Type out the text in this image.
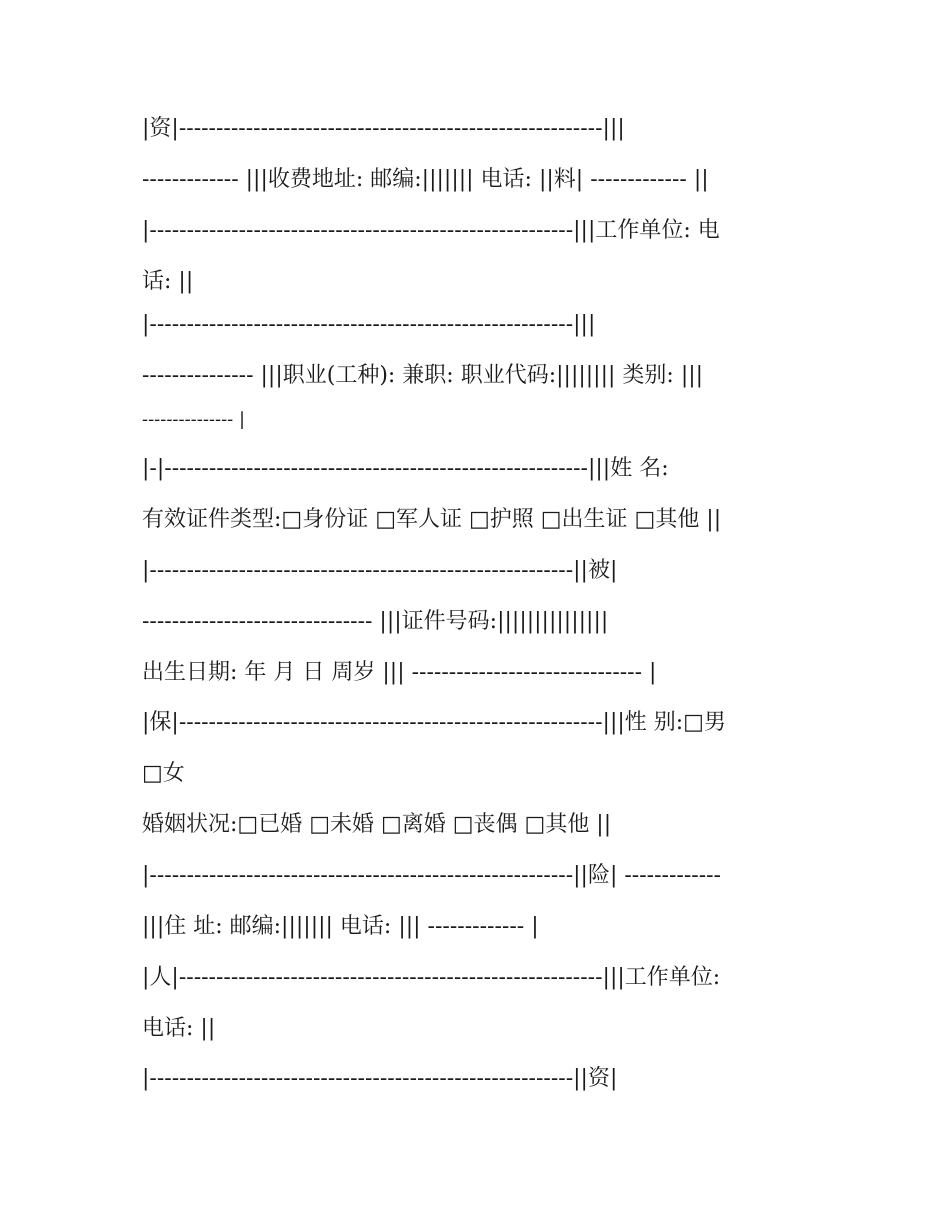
|资|---------------------------------------------------------|||
------------- |||收费地址: 邮编:||||||| 电话: ||料| ------------- ||
|---------------------------------------------------------|||工作单位: 电
话: ||
|---------------------------------------------------------|||
--------------- |||职业(工种): 兼职: 职业代码:|||||||| 类别: |||
--------------- |
|-|---------------------------------------------------------|||姓 名:
有效证件类型:□身份证 □军人证 □护照 □出生证 □其他 ||
|---------------------------------------------------------||被|
------------------------------- |||证件号码:|||||||||||||||
出生日期: 年 月 日 周岁 ||| ------------------------------- |
|保|---------------------------------------------------------|||性 别:□男
□女
婚姻状况:□已婚 □未婚 □离婚 □丧偶 □其他 ||
|---------------------------------------------------------||险| -------------
|||住 址: 邮编:||||||| 电话: ||| ------------- |
|人|---------------------------------------------------------|||工作单位:
电话: ||
|---------------------------------------------------------||资|
